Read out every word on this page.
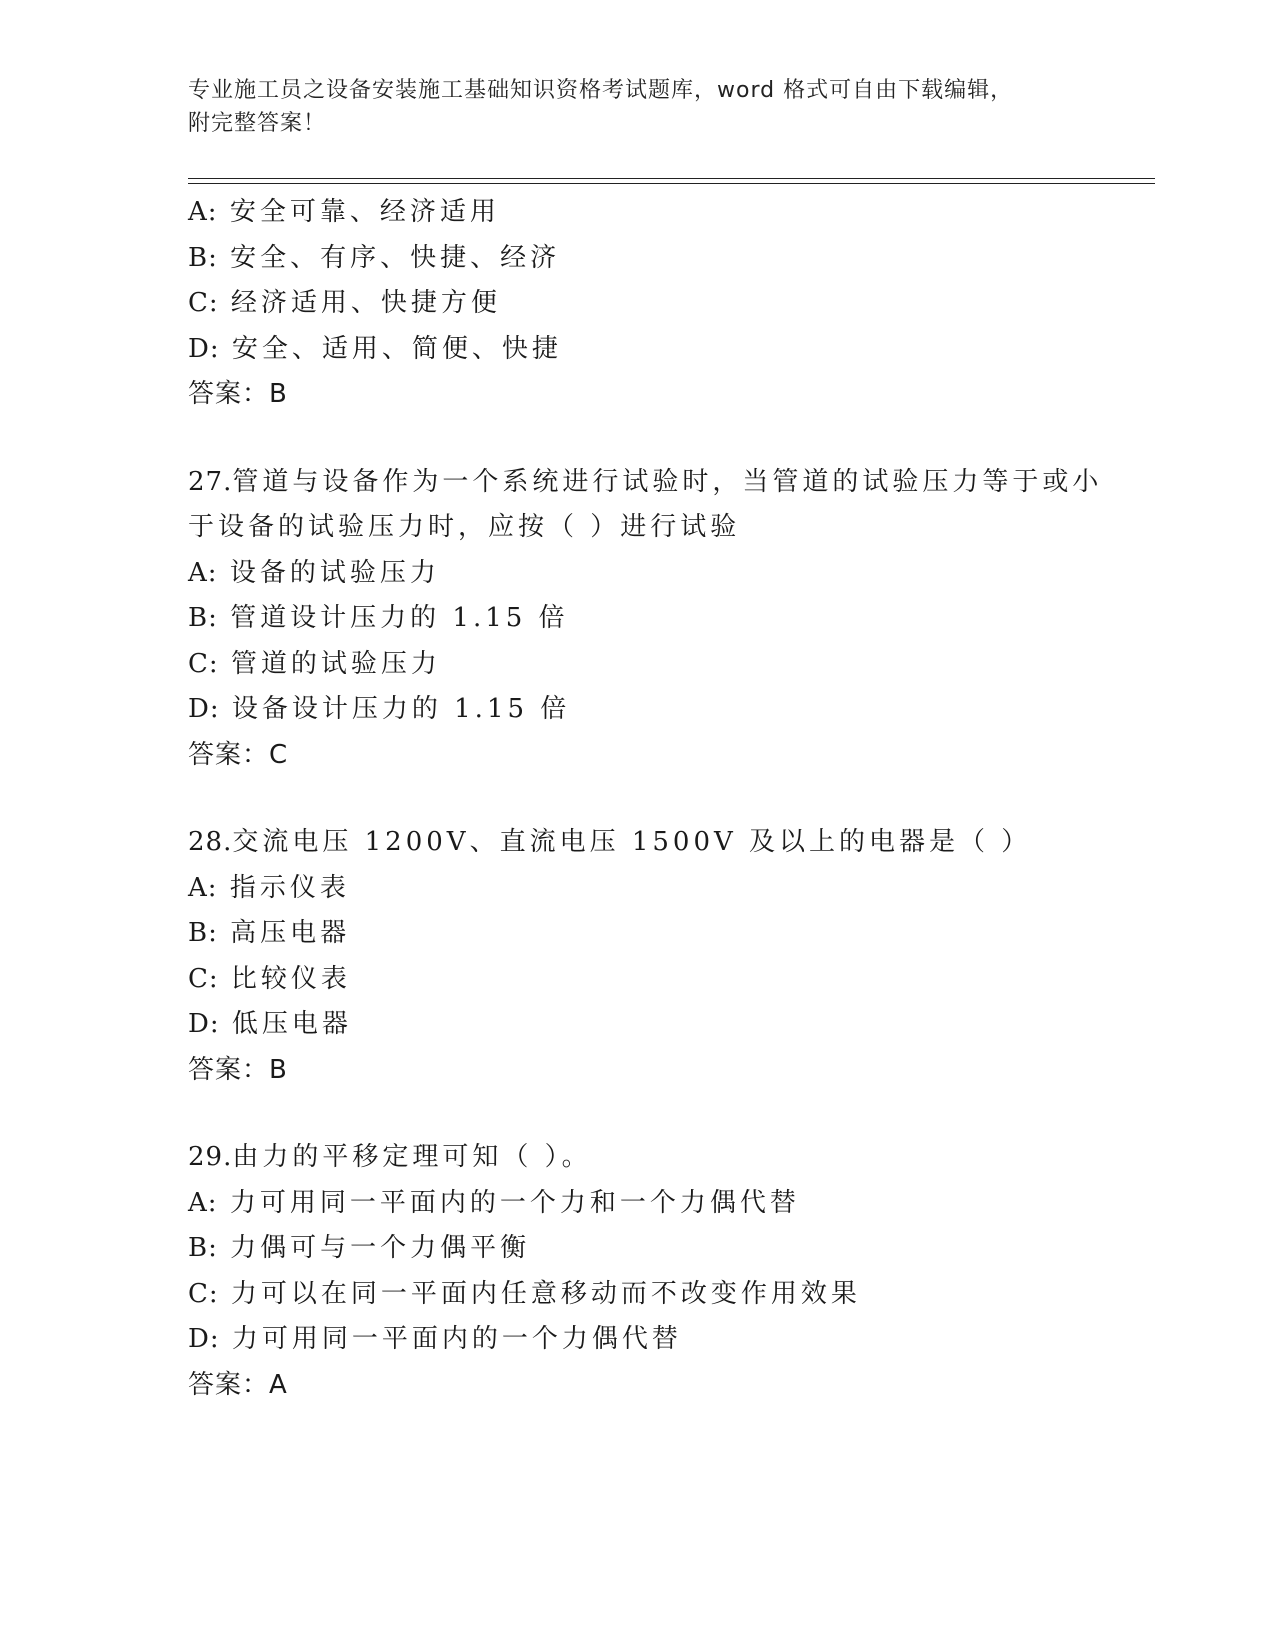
专业施工员之设备安装施工基础知识资格考试题库，word 格式可自由下载编辑，
附完整答案！
A: 安全可靠、经济适用
B: 安全、有序、快捷、经济
C: 经济适用、快捷方便
D: 安全、适用、简便、快捷
答案：B
27.管道与设备作为一个系统进行试验时，当管道的试验压力等于或小
于设备的试验压力时，应按（ ）进行试验
A: 设备的试验压力
B: 管道设计压力的 1.15 倍
C: 管道的试验压力
D: 设备设计压力的 1.15 倍
答案：C
28.交流电压 1200V、直流电压 1500V 及以上的电器是（ ）
A: 指示仪表
B: 高压电器
C: 比较仪表
D: 低压电器
答案：B
29.由力的平移定理可知（ ）。
A: 力可用同一平面内的一个力和一个力偶代替
B: 力偶可与一个力偶平衡
C: 力可以在同一平面内任意移动而不改变作用效果
D: 力可用同一平面内的一个力偶代替
答案：A
